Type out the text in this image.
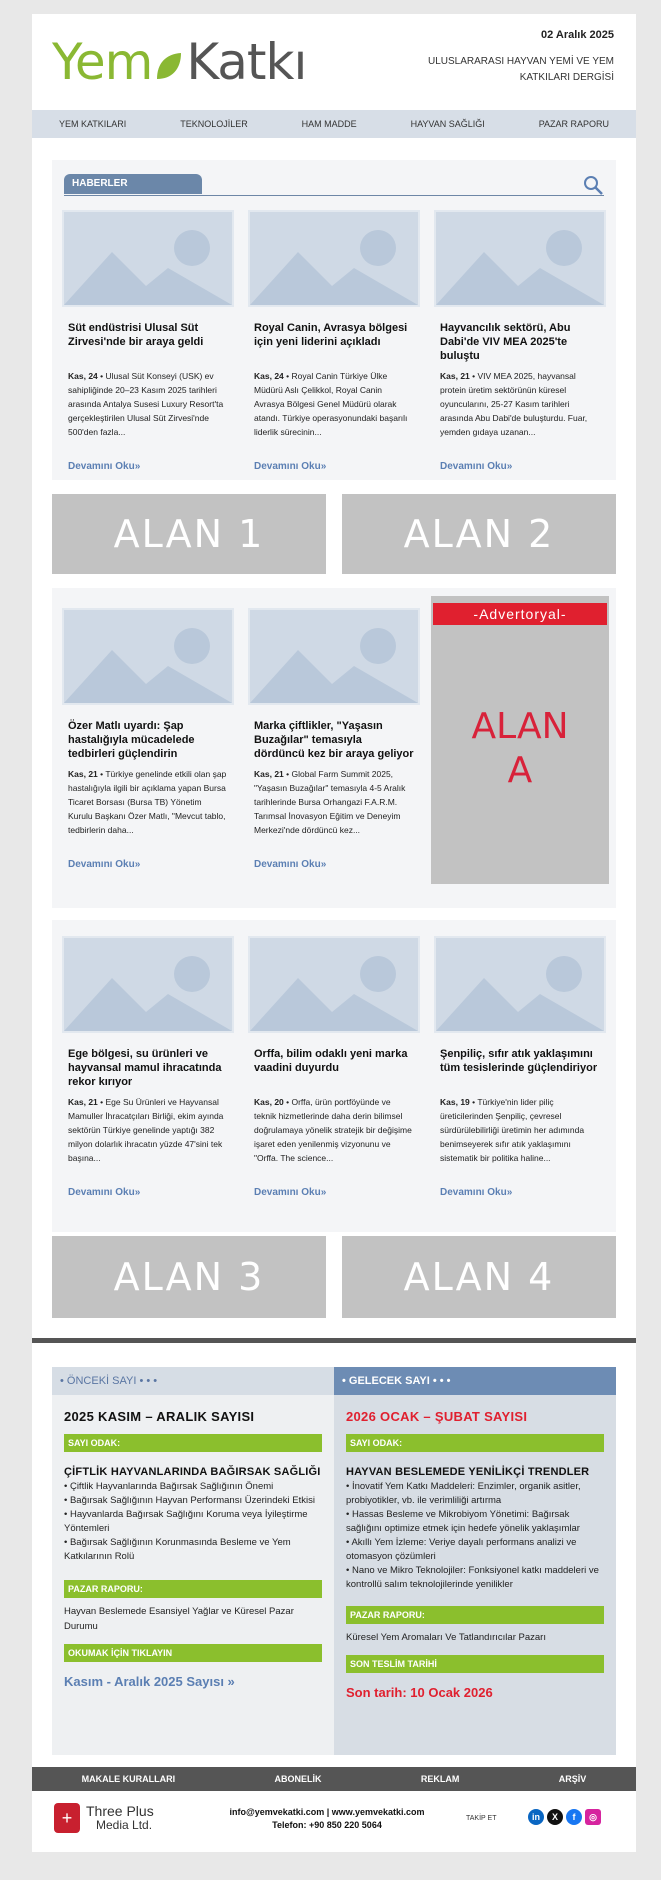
Yem Katkı	02 Aralık 2025
ULUSLARARASI HAYVAN YEMİ VE YEM KATKILARI DERGİSİ
YEM KATKILARI	TEKNOLOJİLER	HAM MADDE	HAYVAN SAĞLIĞI	PAZAR RAPORU
HABERLER
Süt endüstrisi Ulusal Süt Zirvesi'nde bir araya geldi
Kas, 24 • Ulusal Süt Konseyi (USK) ev sahipliğinde 20–23 Kasım 2025 tarihleri arasında Antalya Susesi Luxury Resort'ta gerçekleştirilen Ulusal Süt Zirvesi'nde 500'den fazla...
Devamını Oku»
Royal Canin, Avrasya bölgesi için yeni liderini açıkladı
Kas, 24 • Royal Canin Türkiye Ülke Müdürü Aslı Çelikkol, Royal Canin Avrasya Bölgesi Genel Müdürü olarak atandı. Türkiye operasyonundaki başarılı liderlik sürecinin...
Devamını Oku»
Hayvancılık sektörü, Abu Dabi'de VIV MEA 2025'te buluştu
Kas, 21 • VIV MEA 2025, hayvansal protein üretim sektörünün küresel oyuncularını, 25-27 Kasım tarihleri arasında Abu Dabi'de buluşturdu. Fuar, yemden gıdaya uzanan...
Devamını Oku»
ALAN 1	ALAN 2
Özer Matlı uyardı: Şap hastalığıyla mücadelede tedbirleri güçlendirin
Kas, 21 • Türkiye genelinde etkili olan şap hastalığıyla ilgili bir açıklama yapan Bursa Ticaret Borsası (Bursa TB) Yönetim Kurulu Başkanı Özer Matlı, "Mevcut tablo, tedbirlerin daha...
Devamını Oku»
Marka çiftlikler, "Yaşasın Buzağılar" temasıyla dördüncü kez bir araya geliyor
Kas, 21 • Global Farm Summit 2025, "Yaşasın Buzağılar" temasıyla 4-5 Aralık tarihlerinde Bursa Orhangazi F.A.R.M. Tarımsal İnovasyon Eğitim ve Deneyim Merkezi'nde dördüncü kez...
Devamını Oku»
-Advertoryal-
ALAN
A
Ege bölgesi, su ürünleri ve hayvansal mamul ihracatında rekor kırıyor
Kas, 21 • Ege Su Ürünleri ve Hayvansal Mamuller İhracatçıları Birliği, ekim ayında sektörün Türkiye genelinde yaptığı 382 milyon dolarlık ihracatın yüzde 47'sini tek başına...
Devamını Oku»
Orffa, bilim odaklı yeni marka vaadini duyurdu
Kas, 20 • Orffa, ürün portföyünde ve teknik hizmetlerinde daha derin bilimsel doğrulamaya yönelik stratejik bir değişime işaret eden yenilenmiş vizyonunu ve "Orffa. The science...
Devamını Oku»
Şenpiliç, sıfır atık yaklaşımını tüm tesislerinde güçlendiriyor
Kas, 19 • Türkiye'nin lider piliç üreticilerinden Şenpiliç, çevresel sürdürülebilirliği üretimin her adımında benimseyerek sıfır atık yaklaşımını sistematik bir politika haline...
Devamını Oku»
ALAN 3	ALAN 4
• ÖNCEKİ SAYI • • •
2025 KASIM – ARALIK SAYISI
SAYI ODAK:
ÇİFTLİK HAYVANLARINDA BAĞIRSAK SAĞLIĞI
• Çiftlik Hayvanlarında Bağırsak Sağlığının Önemi
• Bağırsak Sağlığının Hayvan Performansı Üzerindeki Etkisi
• Hayvanlarda Bağırsak Sağlığını Koruma veya İyileştirme Yöntemleri
• Bağırsak Sağlığının Korunmasında Besleme ve Yem Katkılarının Rolü
PAZAR RAPORU:
Hayvan Beslemede Esansiyel Yağlar ve Küresel Pazar Durumu
OKUMAK İÇİN TIKLAYIN
Kasım - Aralık 2025 Sayısı »
• GELECEK SAYI • • •
2026 OCAK – ŞUBAT SAYISI
SAYI ODAK:
HAYVAN BESLEMEDE YENİLİKÇİ TRENDLER
• İnovatif Yem Katkı Maddeleri: Enzimler, organik asitler, probiyotikler, vb. ile verimliliği artırma
• Hassas Besleme ve Mikrobiyom Yönetimi: Bağırsak sağlığını optimize etmek için hedefe yönelik yaklaşımlar
• Akıllı Yem İzleme: Veriye dayalı performans analizi ve otomasyon çözümleri
• Nano ve Mikro Teknolojiler: Fonksiyonel katkı maddeleri ve kontrollü salım teknolojilerinde yenilikler
PAZAR RAPORU:
Küresel Yem Aromaları Ve Tatlandırıcılar Pazarı
SON TESLİM TARİHİ
Son tarih: 10 Ocak 2026
MAKALE KURALLARI	ABONELİK	REKLAM	ARŞİV
+ Three Plus
Media Ltd.
info@yemvekatki.com | www.yemvekatki.com
Telefon: +90 850 220 5064
TAKİP ET	in	X	f	◎
